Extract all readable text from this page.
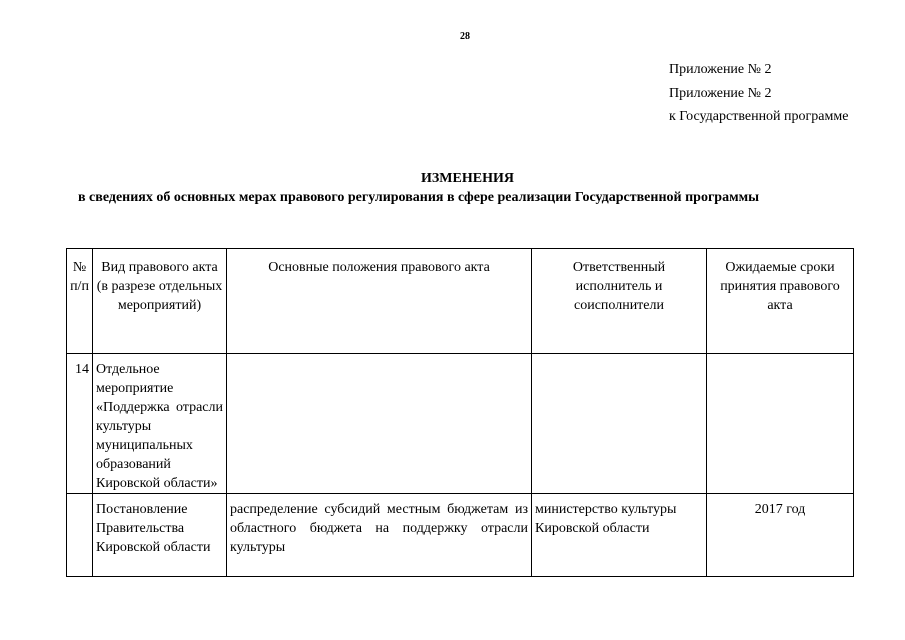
28
Приложение № 2
Приложение № 2
к Государственной программе
ИЗМЕНЕНИЯ
в сведениях об основных мерах правового регулирования в сфере реализации Государственной программы
№ п/п	Вид правового акта (в разрезе отдельных мероприятий)	Основные положения правового акта	Ответственный исполнитель и соисполнители	Ожидаемые сроки принятия правового акта
14	Отдельное мероприятие «Поддержка отрасли культуры муниципальных образований Кировской области»			
	Постановление Правительства Кировской области	распределение субсидий местным бюджетам из областного бюджета на поддержку отрасли культуры	министерство культуры Кировской области	2017 год
